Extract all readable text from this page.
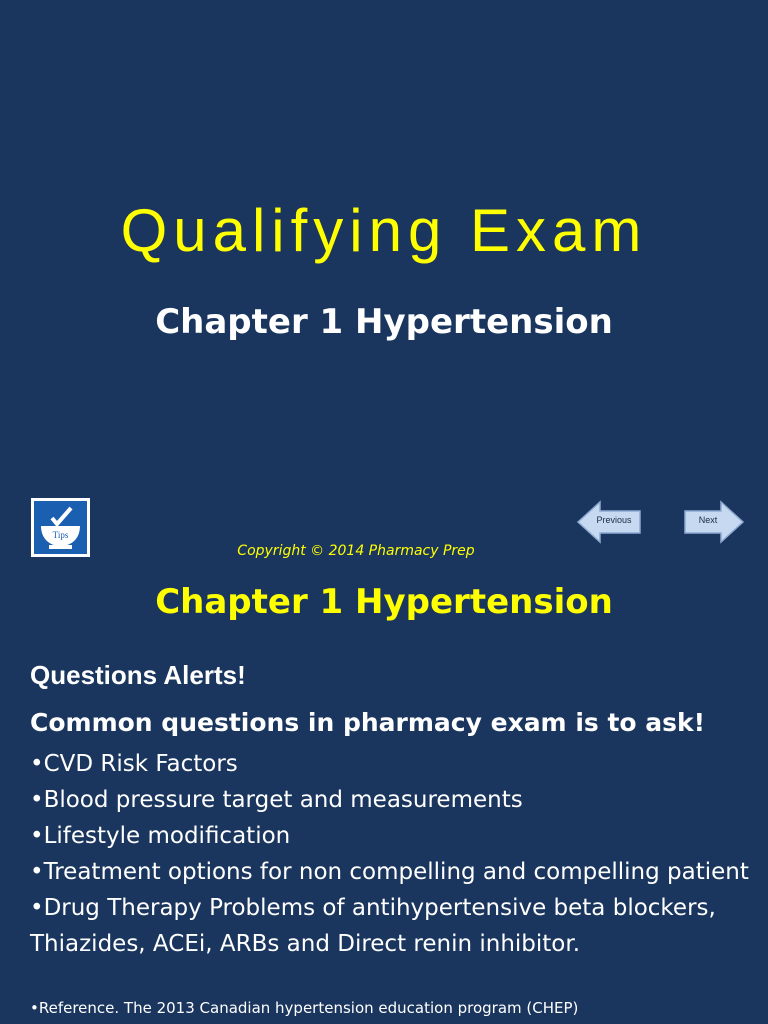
Qualifying Exam
Chapter 1 Hypertension
Tips
Previous	Next
Copyright © 2014 Pharmacy Prep
Chapter 1 Hypertension
Questions Alerts!
Common questions in pharmacy exam is to ask!
•CVD Risk Factors
•Blood pressure target and measurements
•Lifestyle modification
•Treatment options for non compelling and compelling patient
•Drug Therapy Problems of antihypertensive beta blockers, Thiazides, ACEi, ARBs and Direct renin inhibitor.
•Reference. The 2013 Canadian hypertension education program (CHEP)
